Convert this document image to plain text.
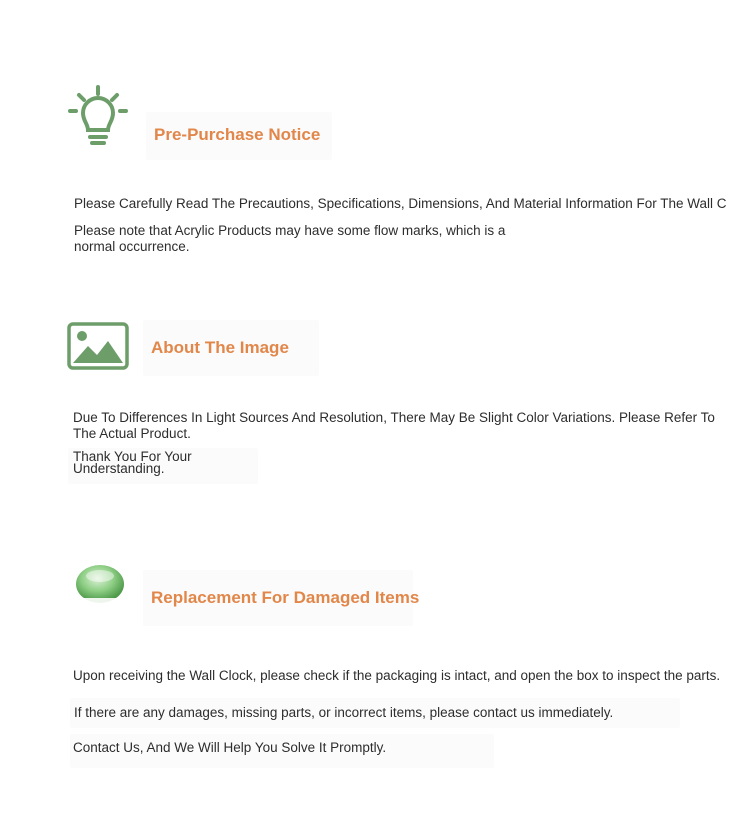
Pre-Purchase Notice
Please Carefully Read The Precautions, Specifications, Dimensions, And Material Information For The Wall C
Please note that Acrylic Products may have some flow marks, which is a normal occurrence.
About The Image
Due To Differences In Light Sources And Resolution, There May Be Slight Color Variations. Please Refer To The Actual Product.
Thank You For Your Understanding.
Replacement For Damaged Items
Upon receiving the Wall Clock, please check if the packaging is intact, and open the box to inspect the parts.
If there are any damages, missing parts, or incorrect items, please contact us immediately.
Contact Us, And We Will Help You Solve It Promptly.
